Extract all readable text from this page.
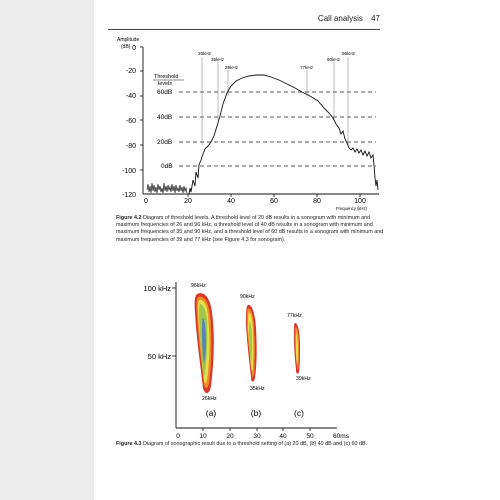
Call analysis 47
Amplitude
(dB) 0
-20
-40
-60
-80
-100
-120
0	20	40	60	80	100
Frequency (kHz)
Threshold
levels
60dB
40dB
20dB
0dB
26kHz
35kHz
39kHz	77kHz
90kHz
96kHz
Figure 4.2 Diagram of threshold levels. A threshold level of 20 dB results in a sonogram with minimum and maximum frequencies of 26 and 96 kHz, a threshold level of 40 dB results in a sonogram with minimum and maximum frequencies of 35 and 90 kHz, and a threshold level of 60 dB results in a sonogram with minimum and maximum frequencies of 39 and 77 kHz (see Figure 4.3 for sonogram).
100 kHz
50 kHz
0	10	20	30	40	50	60ms
96kHz
26kHz
90kHz
35kHz
77kHz
39kHz
(a)	(b)	(c)
Figure 4.3 Diagram of sonographic result due to a threshold setting of (a) 20 dB, (b) 40 dB and (c) 60 dB.
